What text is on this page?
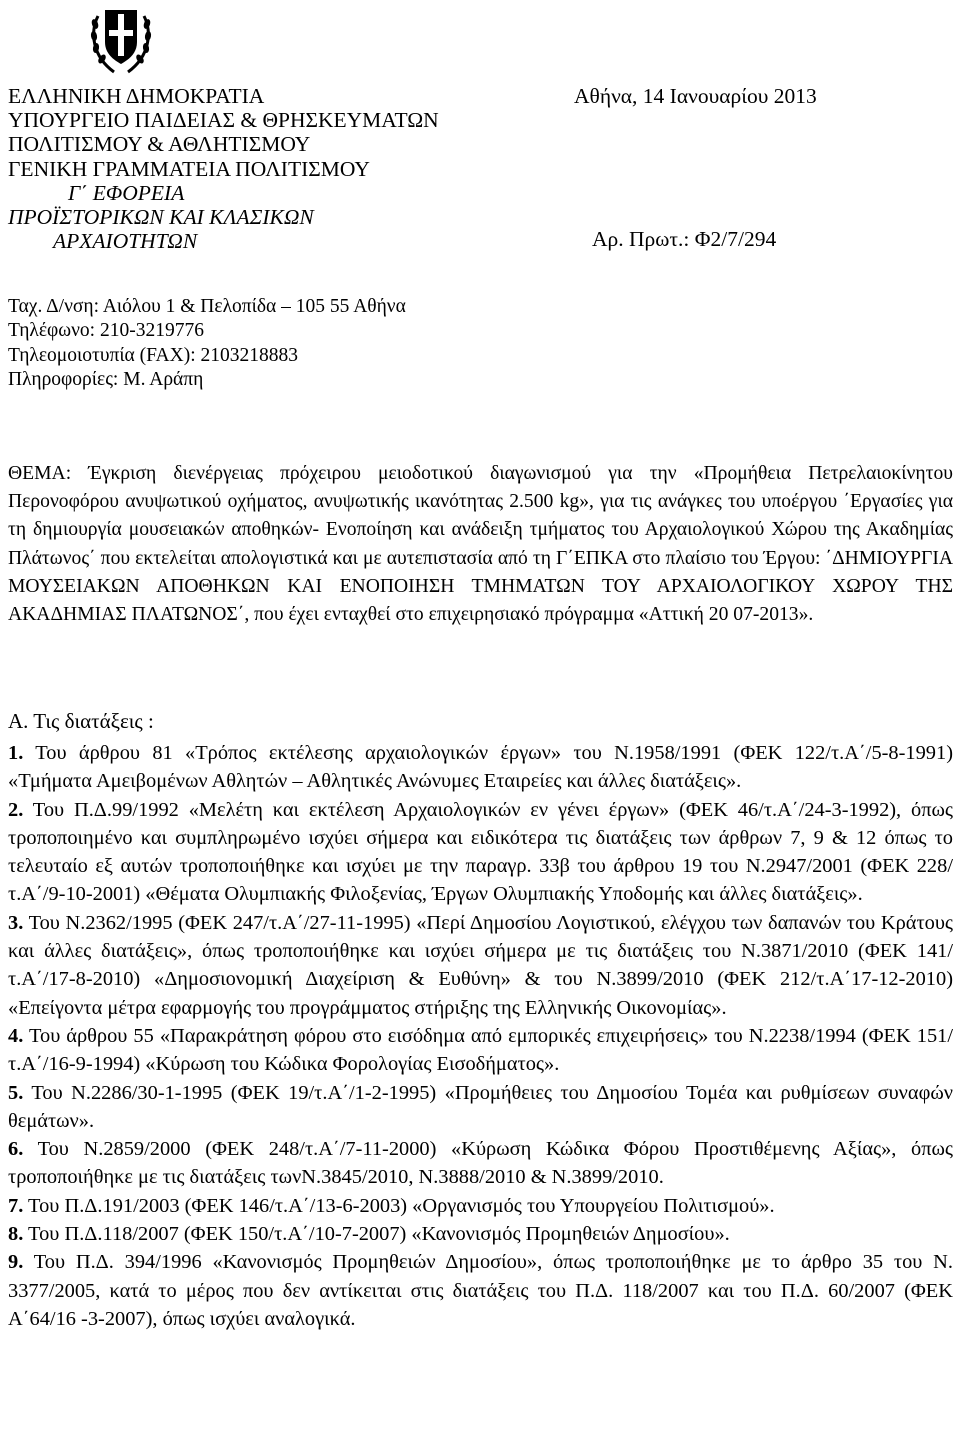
ΕΛΛΗΝΙΚΗ ΔΗΜΟΚΡΑΤΙΑ
ΥΠΟΥΡΓΕΙΟ ΠΑΙΔΕΙΑΣ & ΘΡΗΣΚΕΥΜΑΤΩΝ
ΠΟΛΙΤΙΣΜΟΥ & ΑΘΛΗΤΙΣΜΟΥ
ΓΕΝΙΚΗ ΓΡΑΜΜΑΤΕΙΑ ΠΟΛΙΤΙΣΜΟΥ
Γ΄ ΕΦΟΡΕΙΑ
ΠΡΟΪΣΤΟΡΙΚΩΝ ΚΑΙ ΚΛΑΣΙΚΩΝ
ΑΡΧΑΙΟΤΗΤΩΝ
Αθήνα, 14 Ιανουαρίου 2013
Αρ. Πρωτ.: Φ2/7/294
Ταχ. Δ/νση: Αιόλου 1 & Πελοπίδα – 105 55 Αθήνα
Τηλέφωνο: 210-3219776
Τηλεομοιοτυπία (FAX): 2103218883
Πληροφορίες: Μ. Αράπη
ΘΕΜΑ: Έγκριση διενέργειας πρόχειρου μειοδοτικού διαγωνισμού για την «Προμήθεια Πετρελαιοκίνητου Περονοφόρου ανυψωτικού οχήματος, ανυψωτικής ικανότητας 2.500 kg», για τις ανάγκες του υποέργου ΄Εργασίες για τη δημιουργία μουσειακών αποθηκών- Ενοποίηση και ανάδειξη τμήματος του Αρχαιολογικού Χώρου της Ακαδημίας Πλάτωνος΄ που εκτελείται απολογιστικά και με αυτεπιστασία από τη Γ΄ΕΠΚΑ στο πλαίσιο του Έργου: ΄ΔΗΜΙΟΥΡΓΙΑ ΜΟΥΣΕΙΑΚΩΝ ΑΠΟΘΗΚΩΝ ΚΑΙ ΕΝΟΠΟΙΗΣΗ ΤΜΗΜΑΤΩΝ ΤΟΥ ΑΡΧΑΙΟΛΟΓΙΚΟΥ ΧΩΡΟΥ ΤΗΣ ΑΚΑΔΗΜΙΑΣ ΠΛΑΤΩΝΟΣ΄, που έχει ενταχθεί στο επιχειρησιακό πρόγραμμα «Αττική 20 07-2013».
Α. Τις διατάξεις :

1. Του άρθρου 81 «Τρόπος εκτέλεσης αρχαιολογικών έργων» του Ν.1958/1991 (ΦΕΚ 122/τ.Α΄/5-8-1991) «Τμήματα Αμειβομένων Αθλητών – Αθλητικές Ανώνυμες Εταιρείες και άλλες διατάξεις».

2. Του Π.Δ.99/1992 «Μελέτη και εκτέλεση Αρχαιολογικών εν γένει έργων» (ΦΕΚ 46/τ.Α΄/24-3-1992), όπως τροποποιημένο και συμπληρωμένο ισχύει σήμερα και ειδικότερα τις διατάξεις των άρθρων 7, 9 & 12 όπως το τελευταίο εξ αυτών τροποποιήθηκε και ισχύει με την παραγρ. 33β του άρθρου 19 του Ν.2947/2001 (ΦΕΚ 228/τ.Α΄/9-10-2001) «Θέματα Ολυμπιακής Φιλοξενίας, Έργων Ολυμπιακής Υποδομής και άλλες διατάξεις».

3. Του Ν.2362/1995 (ΦΕΚ 247/τ.Α΄/27-11-1995) «Περί Δημοσίου Λογιστικού, ελέγχου των δαπανών του Κράτους και άλλες διατάξεις», όπως τροποποιήθηκε και ισχύει σήμερα με τις διατάξεις του Ν.3871/2010 (ΦΕΚ 141/τ.Α΄/17-8-2010) «Δημοσιονομική Διαχείριση & Ευθύνη» & του Ν.3899/2010 (ΦΕΚ 212/τ.Α΄17-12-2010) «Επείγοντα μέτρα εφαρμογής του προγράμματος στήριξης της Ελληνικής Οικονομίας».

4. Του άρθρου 55 «Παρακράτηση φόρου στο εισόδημα από εμπορικές επιχειρήσεις» του Ν.2238/1994 (ΦΕΚ 151/τ.Α΄/16-9-1994) «Κύρωση του Κώδικα Φορολογίας Εισοδήματος».

5. Του Ν.2286/30-1-1995 (ΦΕΚ 19/τ.Α΄/1-2-1995) «Προμήθειες του Δημοσίου Τομέα και ρυθμίσεων συναφών θεμάτων».

6. Του Ν.2859/2000 (ΦΕΚ 248/τ.Α΄/7-11-2000) «Κύρωση Κώδικα Φόρου Προστιθέμενης Αξίας», όπως τροποποιήθηκε με τις διατάξεις τωνΝ.3845/2010, Ν.3888/2010 & Ν.3899/2010.

7. Του Π.Δ.191/2003 (ΦΕΚ 146/τ.Α΄/13-6-2003) «Οργανισμός του Υπουργείου Πολιτισμού».

8. Του Π.Δ.118/2007 (ΦΕΚ 150/τ.Α΄/10-7-2007) «Κανονισμός Προμηθειών Δημοσίου».

9. Του Π.Δ. 394/1996 «Κανονισμός Προμηθειών Δημοσίου», όπως τροποποιήθηκε με το άρθρο 35 του Ν. 3377/2005, κατά το μέρος που δεν αντίκειται στις διατάξεις του Π.Δ. 118/2007 και του Π.Δ. 60/2007 (ΦΕΚ Α΄64/16 -3-2007), όπως ισχύει αναλογικά.
